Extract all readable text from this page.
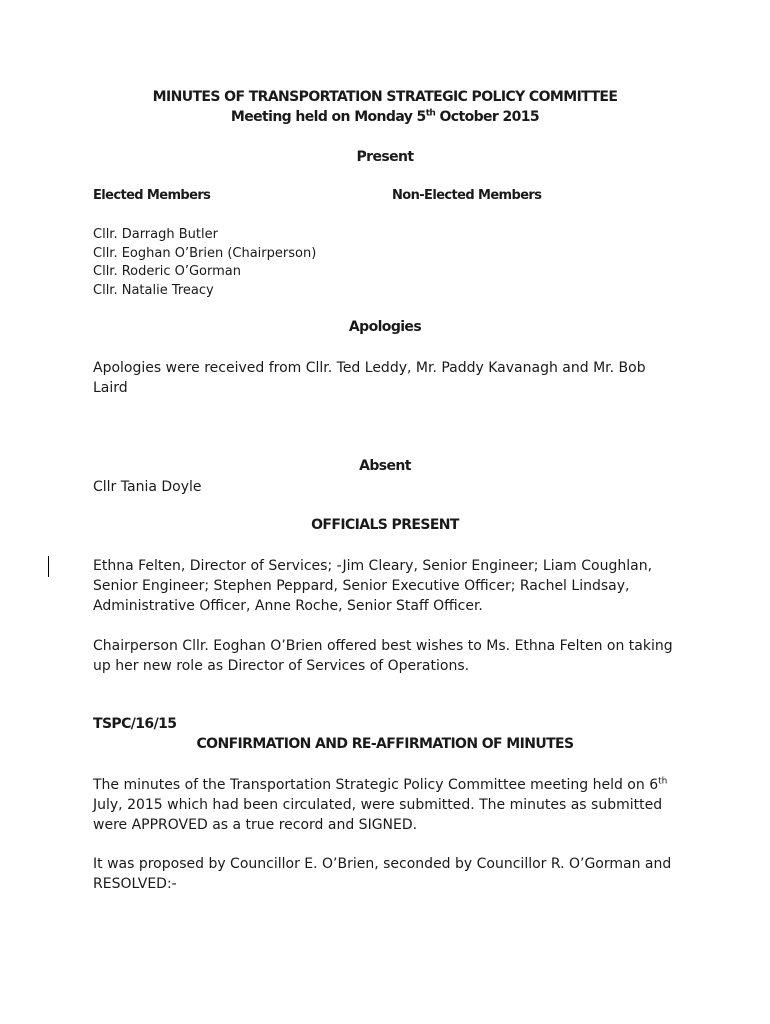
MINUTES OF TRANSPORTATION STRATEGIC POLICY COMMITTEE
Meeting held on Monday 5th October 2015
Present
Elected Members	Non-Elected Members
Cllr. Darragh Butler
Cllr. Eoghan O’Brien (Chairperson)
Cllr. Roderic O’Gorman
Cllr. Natalie Treacy
Apologies
Apologies were received from Cllr. Ted Leddy, Mr. Paddy Kavanagh and Mr. Bob Laird
Absent
Cllr Tania Doyle
OFFICIALS PRESENT
Ethna Felten, Director of Services; -Jim Cleary, Senior Engineer; Liam Coughlan, Senior Engineer; Stephen Peppard, Senior Executive Officer; Rachel Lindsay, Administrative Officer, Anne Roche, Senior Staff Officer.
Chairperson Cllr. Eoghan O’Brien offered best wishes to Ms. Ethna Felten on taking up her new role as Director of Services of Operations.
TSPC/16/15
CONFIRMATION AND RE-AFFIRMATION OF MINUTES
The minutes of the Transportation Strategic Policy Committee meeting held on 6th July, 2015 which had been circulated, were submitted. The minutes as submitted were APPROVED as a true record and SIGNED.
It was proposed by Councillor E. O’Brien, seconded by Councillor R. O’Gorman and RESOLVED:-
